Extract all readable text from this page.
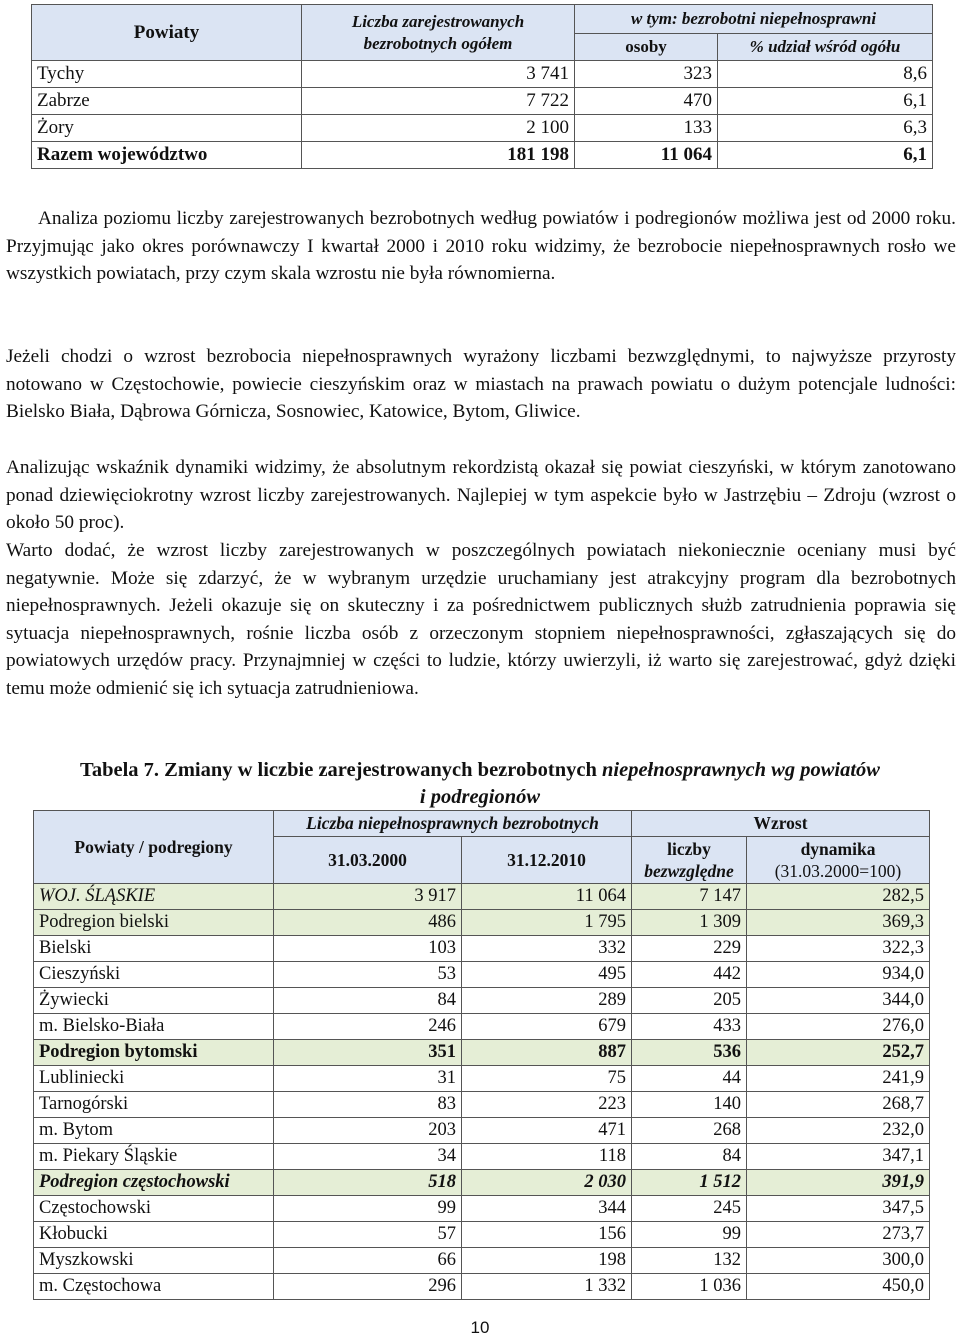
Powiaty	Liczba zarejestrowanych
bezrobotnych ogółem	w tym: bezrobotni niepełnosprawni	
		osoby	% udział wśród ogółu
Tychy	3 741	323	8,6
Zabrze	7 722	470	6,1
Żory	2 100	133	6,3
Razem województwo	181 198	11 064	6,1

Analiza poziomu liczby zarejestrowanych bezrobotnych według powiatów i podregionów możliwa jest od 2000 roku. Przyjmując jako okres porównawczy I kwartał 2000 i 2010 roku widzimy, że bezrobocie niepełnosprawnych rosło we wszystkich powiatach, przy czym skala wzrostu nie była równomierna.

Jeżeli chodzi o wzrost bezrobocia niepełnosprawnych wyrażony liczbami bezwzględnymi, to najwyższe przyrosty notowano w Częstochowie, powiecie cieszyńskim oraz w miastach na prawach powiatu o dużym potencjale ludności: Bielsko Biała, Dąbrowa Górnicza, Sosnowiec, Katowice, Bytom, Gliwice.

Analizując wskaźnik dynamiki widzimy, że absolutnym rekordzistą okazał się powiat cieszyński, w którym zanotowano ponad dziewięciokrotny wzrost liczby zarejestrowanych. Najlepiej w tym aspekcie było w Jastrzębiu – Zdroju (wzrost o około 50 proc).

Warto dodać, że wzrost liczby zarejestrowanych w poszczególnych powiatach niekoniecznie oceniany musi być negatywnie. Może się zdarzyć, że w wybranym urzędzie uruchamiany jest atrakcyjny program dla bezrobotnych niepełnosprawnych. Jeżeli okazuje się on skuteczny i za pośrednictwem publicznych służb zatrudnienia poprawia się sytuacja niepełnosprawnych, rośnie liczba osób z orzeczonym stopniem niepełnosprawności, zgłaszających się do powiatowych urzędów pracy. Przynajmniej w części to ludzie, którzy uwierzyli, iż warto się zarejestrować, gdyż dzięki temu może odmienić się ich sytuacja zatrudnieniowa.

Tabela 7. Zmiany w liczbie zarejestrowanych bezrobotnych niepełnosprawnych wg powiatów
i podregionów

Powiaty / podregiony	Liczba niepełnosprawnych bezrobotnych		Wzrost	
	31.03.2000	31.12.2010	liczby
bezwzględne	dynamika
(31.03.2000=100)
WOJ. ŚLĄSKIE	3 917	11 064	7 147	282,5
Podregion bielski	486	1 795	1 309	369,3
Bielski	103	332	229	322,3
Cieszyński	53	495	442	934,0
Żywiecki	84	289	205	344,0
m. Bielsko-Biała	246	679	433	276,0
Podregion bytomski	351	887	536	252,7
Lubliniecki	31	75	44	241,9
Tarnogórski	83	223	140	268,7
m. Bytom	203	471	268	232,0
m. Piekary Śląskie	34	118	84	347,1
Podregion częstochowski	518	2 030	1 512	391,9
Częstochowski	99	344	245	347,5
Kłobucki	57	156	99	273,7
Myszkowski	66	198	132	300,0
m. Częstochowa	296	1 332	1 036	450,0
10
